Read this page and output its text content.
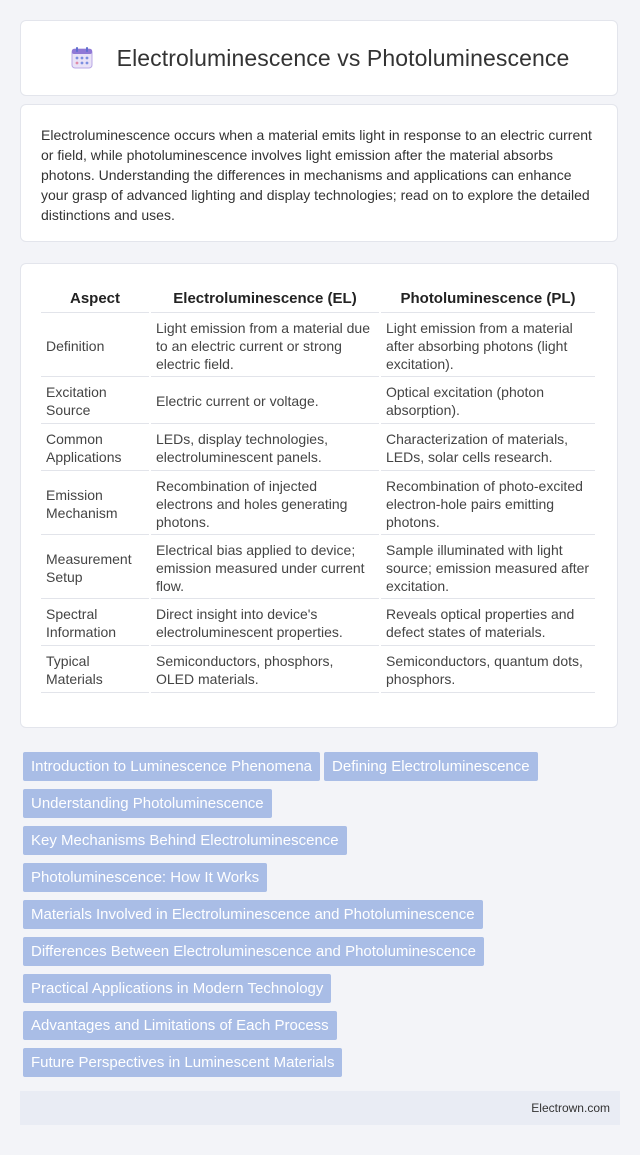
Electroluminescence vs Photoluminescence

Electroluminescence occurs when a material emits light in response to an electric current or field, while photoluminescence involves light emission after the material absorbs photons. Understanding the differences in mechanisms and applications can enhance your grasp of advanced lighting and display technologies; read on to explore the detailed distinctions and uses.

Aspect	Electroluminescence (EL)	Photoluminescence (PL)
Definition	Light emission from a material due to an electric current or strong electric field.	Light emission from a material after absorbing photons (light excitation).
Excitation Source	Electric current or voltage.	Optical excitation (photon absorption).
Common Applications	LEDs, display technologies, electroluminescent panels.	Characterization of materials, LEDs, solar cells research.
Emission Mechanism	Recombination of injected electrons and holes generating photons.	Recombination of photo-excited electron-hole pairs emitting photons.
Measurement Setup	Electrical bias applied to device; emission measured under current flow.	Sample illuminated with light source; emission measured after excitation.
Spectral Information	Direct insight into device's electroluminescent properties.	Reveals optical properties and defect states of materials.
Typical Materials	Semiconductors, phosphors, OLED materials.	Semiconductors, quantum dots, phosphors.
Introduction to Luminescence Phenomena Defining Electroluminescence
Understanding Photoluminescence
Key Mechanisms Behind Electroluminescence
Photoluminescence: How It Works
Materials Involved in Electroluminescence and Photoluminescence
Differences Between Electroluminescence and Photoluminescence
Practical Applications in Modern Technology
Advantages and Limitations of Each Process
Future Perspectives in Luminescent Materials
Electrown.com
